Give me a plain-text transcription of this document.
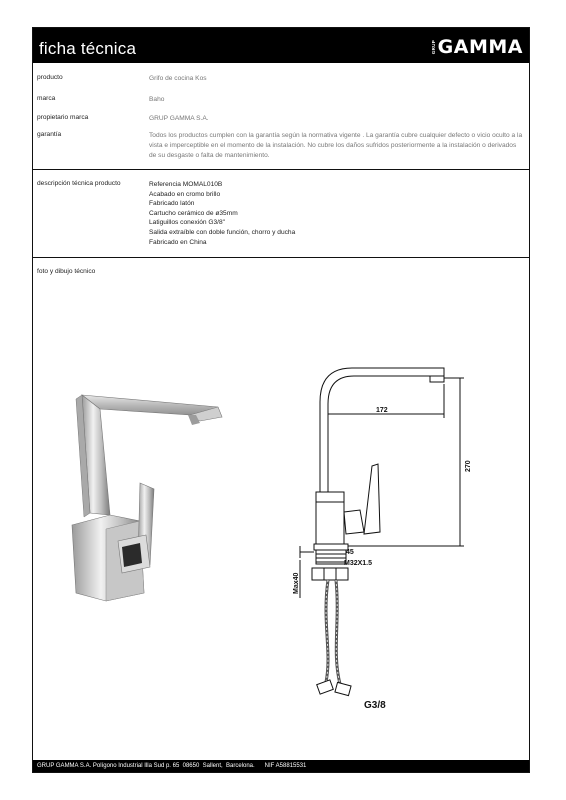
ficha técnica	GRUP GAMMA
producto	Grifo de cocina Kos
marca	Baho
propietario marca	GRUP GAMMA S.A.
garantía	Todos los productos cumplen con la garantía según la normativa vigente . La garantía cubre cualquier defecto o vicio oculto a la
vista e imperceptible en el momento de la instalación. No cubre los daños sufridos posteriormente a la instalación o derivados
de su desgaste o falta de mantenimiento.
descripción técnica producto	Referencia MOMAL010B
Acabado en cromo brillo
Fabricado latón
Cartucho cerámico de ø35mm
Latiguillos conexión G3/8"
Salida extraíble con doble función, chorro y ducha
Fabricado en China
foto y dibujo técnico
GRUP GAMMA S.A. Polígono Industrial Illa Sud p. 65  08650  Sallent,  Barcelona.      NIF A58815531
172
270
45
M32X1.5
Max40
G3/8
